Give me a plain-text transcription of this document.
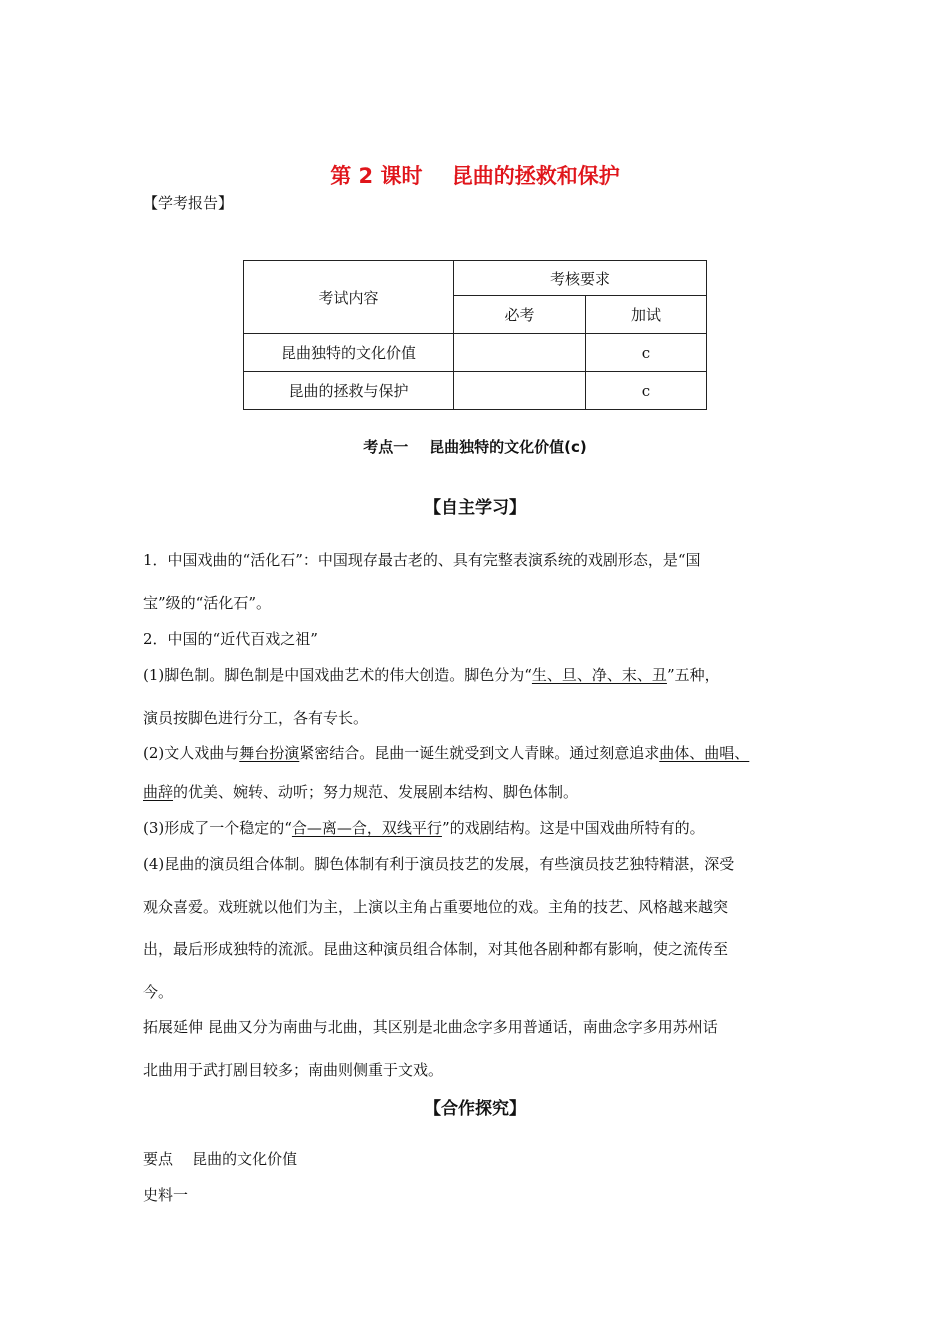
第 2 课时    昆曲的拯救和保护
【学考报告】
考试内容	考核要求	
	必考	加试
昆曲独特的文化价值		c
昆曲的拯救与保护		c
考点一    昆曲独特的文化价值(c)
【自主学习】
1．中国戏曲的“活化石”：中国现存最古老的、具有完整表演系统的戏剧形态，是“国
宝”级的“活化石”。
2．中国的“近代百戏之祖”
(1)脚色制。脚色制是中国戏曲艺术的伟大创造。脚色分为“生、旦、净、末、丑”五种，
演员按脚色进行分工，各有专长。
(2)文人戏曲与舞台扮演紧密结合。昆曲一诞生就受到文人青睐。通过刻意追求曲体、曲唱、
曲辞的优美、婉转、动听；努力规范、发展剧本结构、脚色体制。
(3)形成了一个稳定的“合—离—合，双线平行”的戏剧结构。这是中国戏曲所特有的。
(4)昆曲的演员组合体制。脚色体制有利于演员技艺的发展，有些演员技艺独特精湛，深受
观众喜爱。戏班就以他们为主，上演以主角占重要地位的戏。主角的技艺、风格越来越突
出，最后形成独特的流派。昆曲这种演员组合体制，对其他各剧种都有影响，使之流传至
今。
拓展延伸 昆曲又分为南曲与北曲，其区别是北曲念字多用普通话，南曲念字多用苏州话
北曲用于武打剧目较多；南曲则侧重于文戏。
【合作探究】
要点    昆曲的文化价值
史料一
